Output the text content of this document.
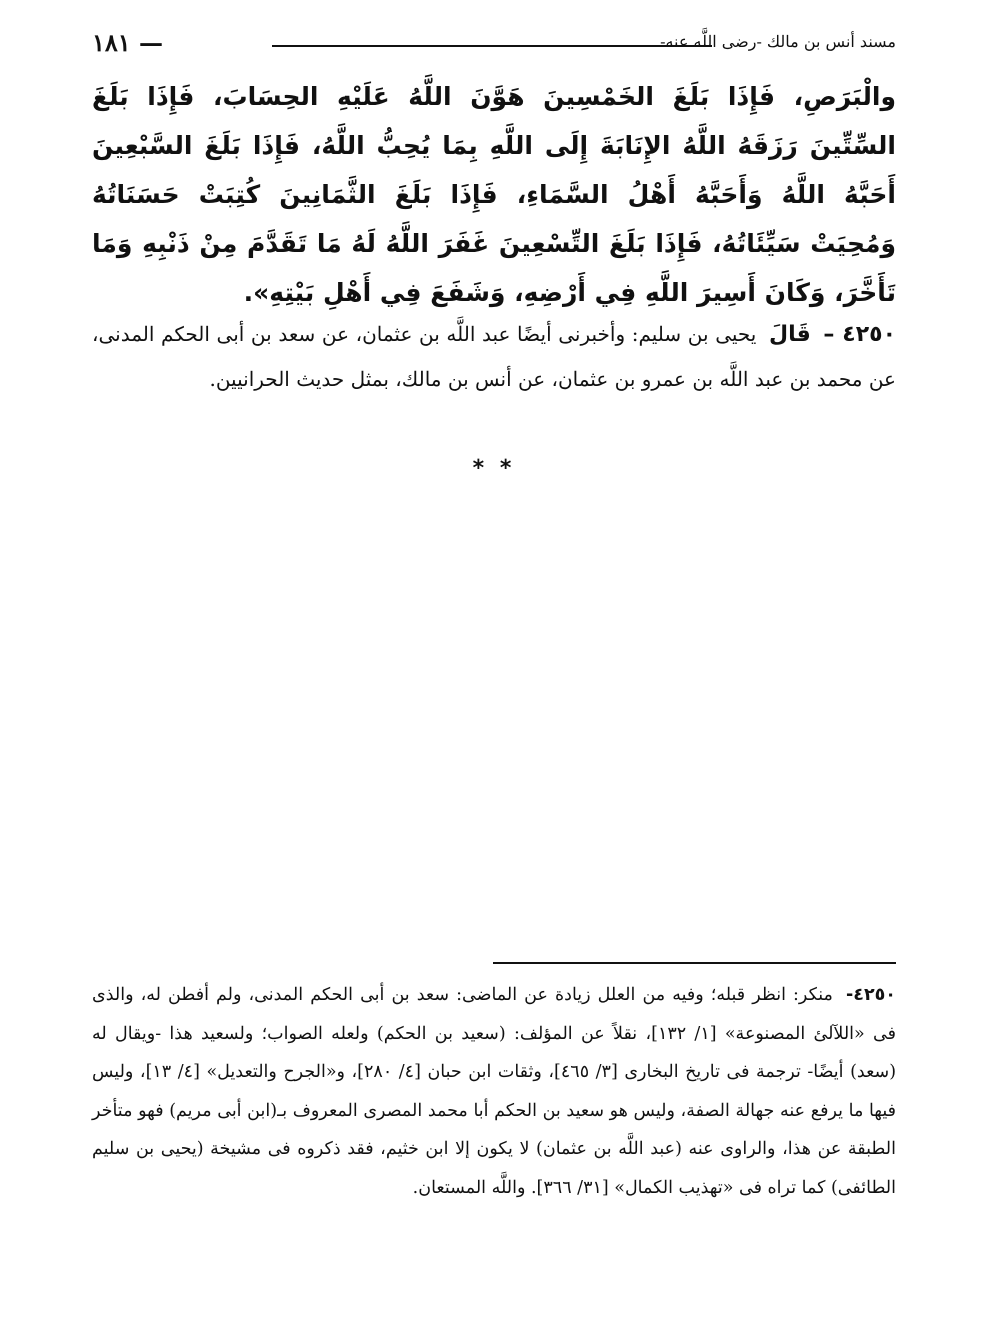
١٨١ —	مسند أنس بن مالك -رضى اللَّه عنه-
والْبَرَصِ، فَإِذَا بَلَغَ الخَمْسِينَ هَوَّنَ اللَّهُ عَلَيْهِ الحِسَابَ، فَإِذَا بَلَغَ السِّتِّينَ رَزَقَهُ اللَّهُ الإِنَابَةَ إِلَى اللَّهِ بِمَا يُحِبُّ اللَّهُ، فَإِذَا بَلَغَ السَّبْعِينَ أَحَبَّهُ اللَّهُ وَأَحَبَّهُ أَهْلُ السَّمَاءِ، فَإِذَا بَلَغَ الثَّمَانِينَ كُتِبَتْ حَسَنَاتُهُ وَمُحِيَتْ سَيِّئَاتُهُ، فَإِذَا بَلَغَ التِّسْعِينَ غَفَرَ اللَّهُ لَهُ مَا تَقَدَّمَ مِنْ ذَنْبِهِ وَمَا تَأَخَّرَ، وَكَانَ أَسِيرَ اللَّهِ فِي أَرْضِهِ، وَشَفَعَ فِي أَهْلِ بَيْتِهِ».
٤٢٥٠ – قَالَ يحيى بن سليم: وأخبرنى أيضًا عبد اللَّه بن عثمان، عن سعد بن أبى الحكم المدنى، عن محمد بن عبد اللَّه بن عمرو بن عثمان، عن أنس بن مالك، بمثل حديث الحرانيين.
* *
٤٢٥٠- منكر: انظر قبله؛ وفيه من العلل زيادة عن الماضى: سعد بن أبى الحكم المدنى، ولم أفطن له، والذى فى «اللآلئ المصنوعة» [١/ ١٣٢]، نقلاً عن المؤلف: (سعيد بن الحكم) ولعله الصواب؛ ولسعيد هذا -ويقال له (سعد) أيضًا- ترجمة فى تاريخ البخارى [٣/ ٤٦٥]، وثقات ابن حبان [٤/ ٢٨٠]، و«الجرح والتعديل» [٤/ ١٣]، وليس فيها ما يرفع عنه جهالة الصفة، وليس هو سعيد بن الحكم أبا محمد المصرى المعروف بـ(ابن أبى مريم) فهو متأخر الطبقة عن هذا، والراوى عنه (عبد اللَّه بن عثمان) لا يكون إلا ابن خثيم، فقد ذكروه فى مشيخة (يحيى بن سليم الطائفى) كما تراه فى «تهذيب الكمال» [٣١/ ٣٦٦]. واللَّه المستعان.
